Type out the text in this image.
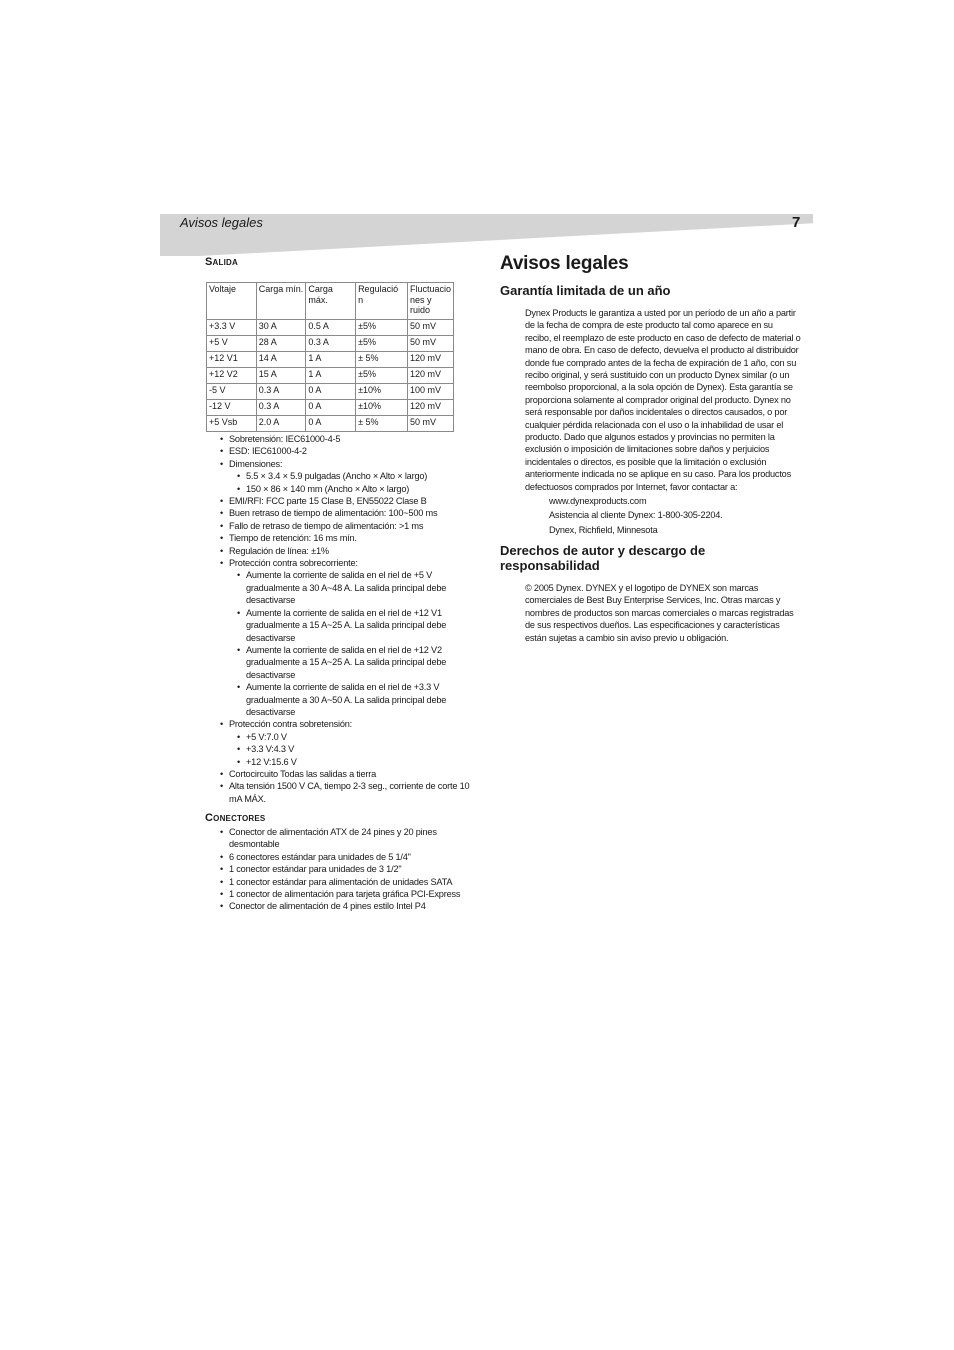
Avisos legales	7
Salida
Voltaje	Carga mín.	Carga máx.	Regulació n	Fluctuacio nes y ruido
+3.3 V	30 A	0.5 A	±5%	50 mV
+5 V	28 A	0.3 A	±5%	50 mV
+12 V1	14 A	1 A	± 5%	120 mV
+12 V2	15 A	1 A	±5%	120 mV
-5 V	0.3 A	0 A	±10%	100 mV
-12 V	0.3 A	0 A	±10%	120 mV
+5 Vsb	2.0 A	0 A	± 5%	50 mV
• Sobretensión: IEC61000-4-5
• ESD: IEC61000-4-2
• Dimensiones:
• 5.5 × 3.4 × 5.9 pulgadas (Ancho × Alto × largo)
• 150 × 86 × 140 mm (Ancho × Alto × largo)
• EMI/RFI: FCC parte 15 Clase B, EN55022 Clase B
• Buen retraso de tiempo de alimentación: 100~500 ms
• Fallo de retraso de tiempo de alimentación: >1 ms
• Tiempo de retención: 16 ms mín.
• Regulación de línea: ±1%
• Protección contra sobrecorriente:
• Aumente la corriente de salida en el riel de +5 V gradualmente a 30 A~48 A. La salida principal debe desactivarse
• Aumente la corriente de salida en el riel de +12 V1 gradualmente a 15 A~25 A. La salida principal debe desactivarse
• Aumente la corriente de salida en el riel de +12 V2 gradualmente a 15 A~25 A. La salida principal debe desactivarse
• Aumente la corriente de salida en el riel de +3.3 V gradualmente a 30 A~50 A. La salida principal debe desactivarse
• Protección contra sobretensión:
• +5 V:7.0 V
• +3.3 V:4.3 V
• +12 V:15.6 V
• Cortocircuito Todas las salidas a tierra
• Alta tensión 1500 V CA, tiempo 2-3 seg., corriente de corte 10 mA MÁX.
Conectores
• Conector de alimentación ATX de 24 pines y 20 pines desmontable
• 6 conectores estándar para unidades de 5 1/4"
• 1 conector estándar para unidades de 3 1/2"
• 1 conector estándar para alimentación de unidades SATA
• 1 conector de alimentación para tarjeta gráfica PCI-Express
• Conector de alimentación de 4 pines estilo Intel P4
Avisos legales
Garantía limitada de un año
Dynex Products le garantiza a usted por un período de un año a partir de la fecha de compra de este producto tal como aparece en su recibo, el reemplazo de este producto en caso de defecto de material o mano de obra. En caso de defecto, devuelva el producto al distribuidor donde fue comprado antes de la fecha de expiración de 1 año, con su recibo original, y será sustituido con un producto Dynex similar (o un reembolso proporcional, a la sola opción de Dynex). Esta garantía se proporciona solamente al comprador original del producto. Dynex no será responsable por daños incidentales o directos causados, o por cualquier pérdida relacionada con el uso o la inhabilidad de usar el producto. Dado que algunos estados y provincias no permiten la exclusión o imposición de limitaciones sobre daños y perjuicios incidentales o directos, es posible que la limitación o exclusión anteriormente indicada no se aplique en su caso. Para los productos defectuosos comprados por Internet, favor contactar a:
www.dynexproducts.com
Asistencia al cliente Dynex: 1-800-305-2204.
Dynex, Richfield, Minnesota
Derechos de autor y descargo de responsabilidad
© 2005 Dynex. DYNEX y el logotipo de DYNEX son marcas comerciales de Best Buy Enterprise Services, Inc. Otras marcas y nombres de productos son marcas comerciales o marcas registradas de sus respectivos dueños. Las especificaciones y características están sujetas a cambio sin aviso previo u obligación.
